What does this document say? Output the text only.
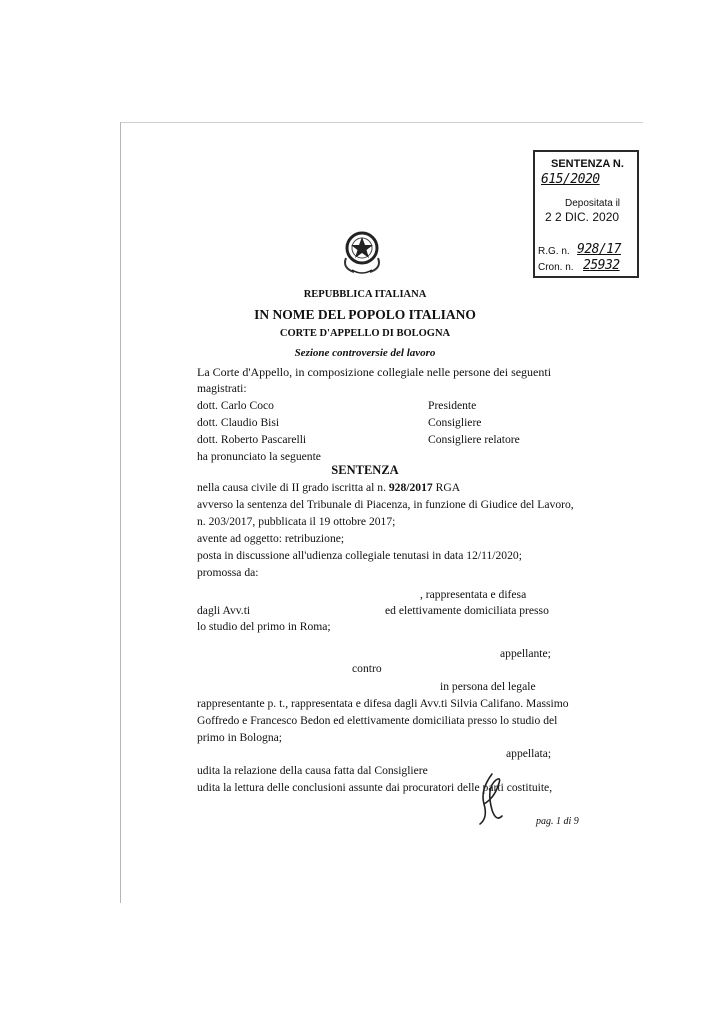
SENTENZA N.
615/2020
Depositata il
2 2 DIC. 2020
R.G. n. 928/17
Cron. n. 25932
REPUBBLICA ITALIANA
IN NOME DEL POPOLO ITALIANO
CORTE D'APPELLO DI BOLOGNA
Sezione controversie del lavoro
La Corte d'Appello, in composizione collegiale nelle persone dei seguenti
magistrati:
dott. Carlo Coco	Presidente
dott. Claudio Bisi	Consigliere
dott. Roberto Pascarelli	Consigliere relatore
ha pronunciato la seguente
SENTENZA
nella causa civile di II grado iscritta al n. 928/2017 RGA
avverso la sentenza del Tribunale di Piacenza, in funzione di Giudice del Lavoro,
n. 203/2017, pubblicata il 19 ottobre 2017;
avente ad oggetto: retribuzione;
posta in discussione all'udienza collegiale tenutasi in data 12/11/2020;
promossa da:
, rappresentata e difesa
dagli Avv.ti	ed elettivamente domiciliata presso
lo studio del primo in Roma;
appellante;
contro
in persona del legale
rappresentante p. t., rappresentata e difesa dagli Avv.ti Silvia Califano. Massimo
Goffredo e Francesco Bedon ed elettivamente domiciliata presso lo studio del
primo in Bologna;
appellata;
udita la relazione della causa fatta dal Consigliere
udita la lettura delle conclusioni assunte dai procuratori delle parti costituite,
pag. 1 di 9
